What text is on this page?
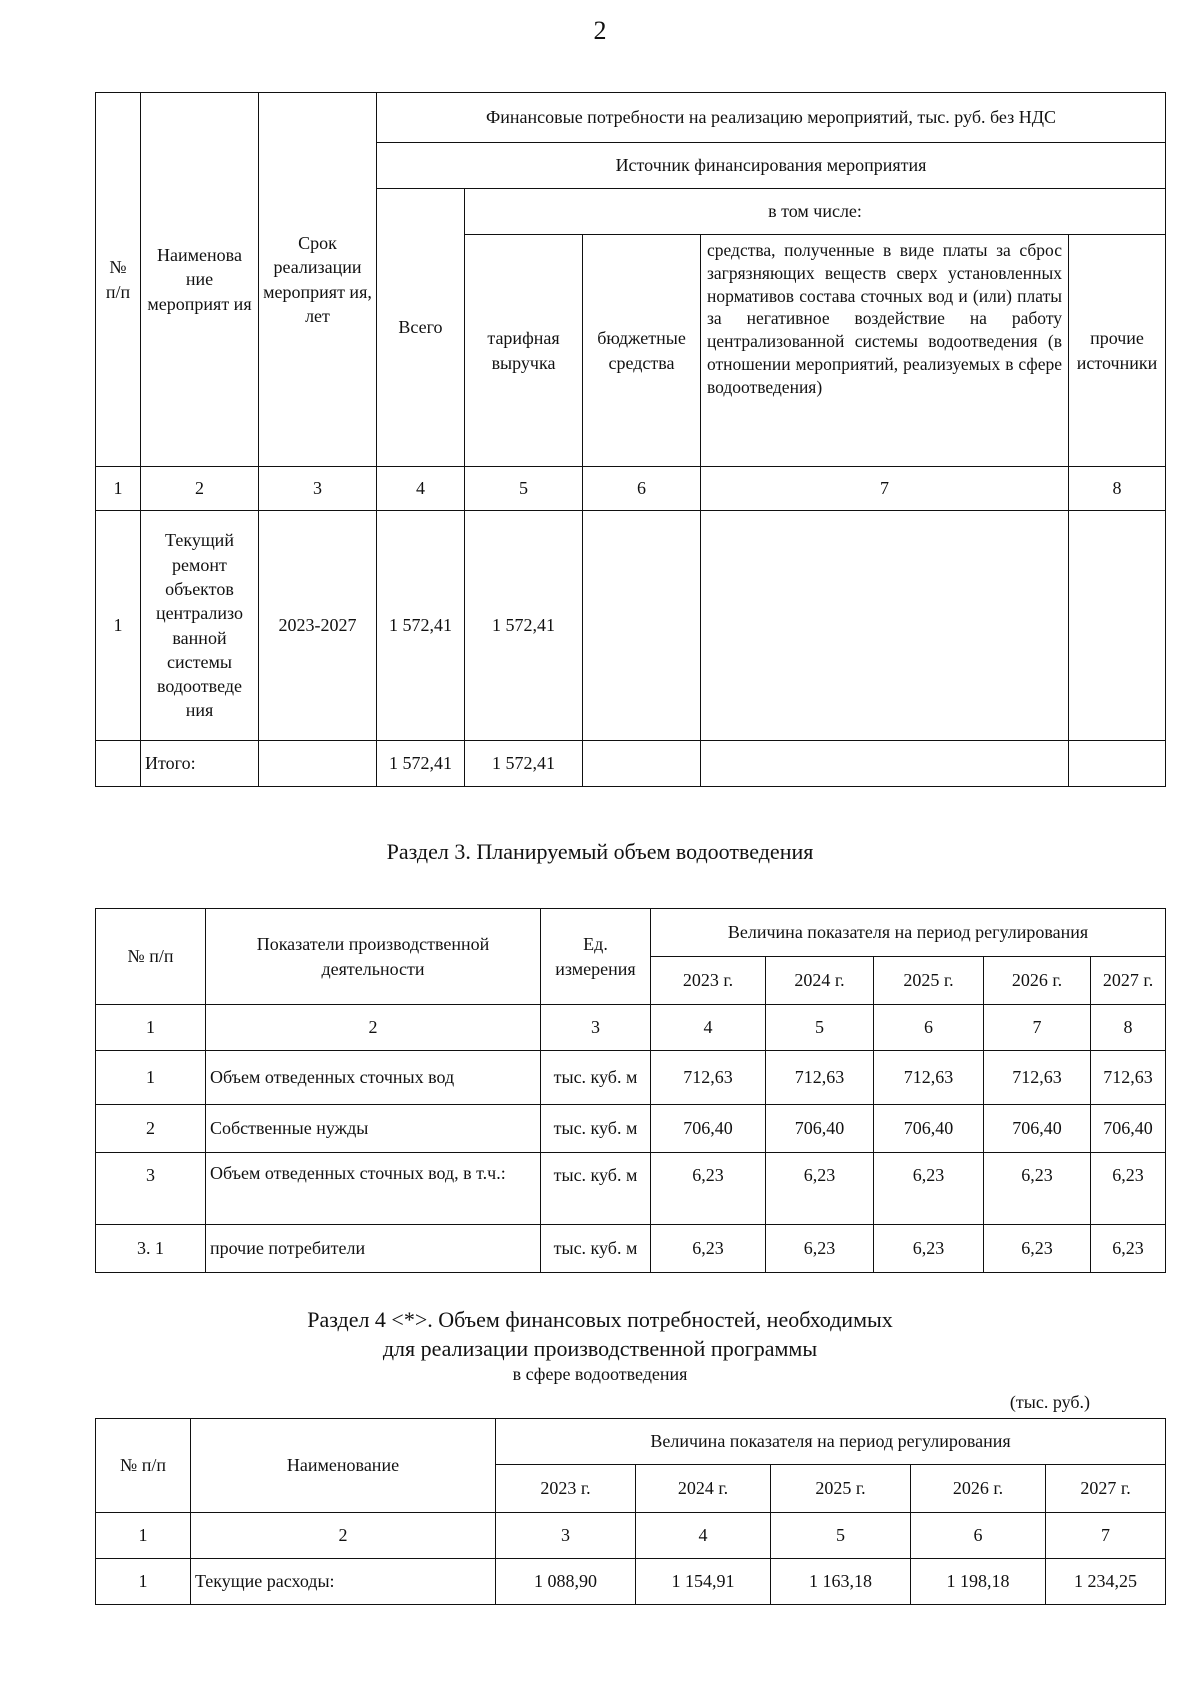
2
№ п/п	Наименова ние мероприят ия	Срок реализации мероприят ия, лет	Финансовые потребности на реализацию мероприятий, тыс. руб. без НДС				
			Источник финансирования мероприятия				
			Всего	в том числе:			
				тарифная выручка	бюджетные средства	средства, полученные в виде платы за сброс загрязняющих веществ сверх установленных нормативов состава сточных вод и (или) платы за негативное воздействие на работу централизованной системы водоотведения (в отношении мероприятий, реализуемых в сфере водоотведения)	прочие источники
1	2	3	4	5	6	7	8
1	Текущий ремонт объектов централизо ванной системы водоотведе ния	2023-2027	1 572,41	1 572,41			
	Итого:		1 572,41	1 572,41			
Раздел 3. Планируемый объем водоотведения
№ п/п	Показатели производственной деятельности	Ед. измерения	Величина показателя на период регулирования				
			2023 г.	2024 г.	2025 г.	2026 г.	2027 г.
1	2	3	4	5	6	7	8
1	Объем отведенных сточных вод	тыс. куб. м	712,63	712,63	712,63	712,63	712,63
2	Собственные нужды	тыс. куб. м	706,40	706,40	706,40	706,40	706,40
3	Объем отведенных сточных вод, в т.ч.:	тыс. куб. м	6,23	6,23	6,23	6,23	6,23
3. 1	прочие потребители	тыс. куб. м	6,23	6,23	6,23	6,23	6,23
Раздел 4 <*>. Объем финансовых потребностей, необходимых
для реализации производственной программы
в сфере водоотведения
(тыс. руб.)
№ п/п	Наименование	Величина показателя на период регулирования				
		2023 г.	2024 г.	2025 г.	2026 г.	2027 г.
1	2	3	4	5	6	7
1	Текущие расходы:	1 088,90	1 154,91	1 163,18	1 198,18	1 234,25
